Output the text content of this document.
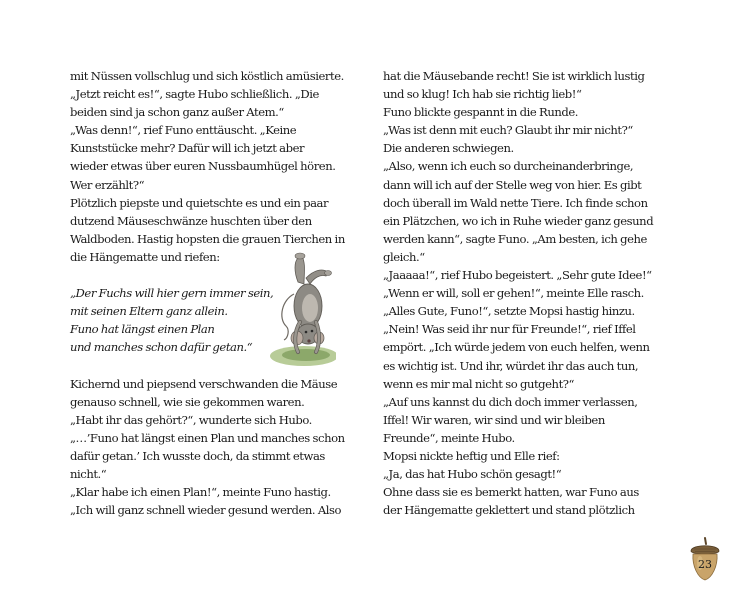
mit Nüssen vollschlug und sich köstlich amüsierte.
„Jetzt reicht es!“, sagte Hubo schließlich. „Die
beiden sind ja schon ganz außer Atem.“
„Was denn!“, rief Funo enttäuscht. „Keine
Kunststücke mehr? Dafür will ich jetzt aber
wieder etwas über euren Nussbaumhügel hören.
Wer erzählt?“
Plötzlich piepste und quietschte es und ein paar
dutzend Mäuseschwänze huschten über den
Waldboden. Hastig hopsten die grauen Tierchen in
die Hängematte und riefen:
„Der Fuchs will hier gern immer sein,
mit seinen Eltern ganz allein.
Funo hat längst einen Plan
und manches schon dafür getan.“
Kichernd und piepsend verschwanden die Mäuse
genauso schnell, wie sie gekommen waren.
„Habt ihr das gehört?“, wunderte sich Hubo.
„…’Funo hat längst einen Plan und manches schon
dafür getan.’ Ich wusste doch, da stimmt etwas
nicht.“
„Klar habe ich einen Plan!“, meinte Funo hastig.
„Ich will ganz schnell wieder gesund werden. Also
hat die Mäusebande recht! Sie ist wirklich lustig
und so klug! Ich hab sie richtig lieb!“
Funo blickte gespannt in die Runde.
„Was ist denn mit euch? Glaubt ihr mir nicht?“
Die anderen schwiegen.
„Also, wenn ich euch so durcheinanderbringe,
dann will ich auf der Stelle weg von hier. Es gibt
doch überall im Wald nette Tiere. Ich finde schon
ein Plätzchen, wo ich in Ruhe wieder ganz gesund
werden kann“, sagte Funo. „Am besten, ich gehe
gleich.“
„Jaaaaa!“, rief Hubo begeistert. „Sehr gute Idee!“
„Wenn er will, soll er gehen!“, meinte Elle rasch.
„Alles Gute, Funo!“, setzte Mopsi hastig hinzu.
„Nein! Was seid ihr nur für Freunde!“, rief Iffel
empört. „Ich würde jedem von euch helfen, wenn
es wichtig ist. Und ihr, würdet ihr das auch tun,
wenn es mir mal nicht so gutgeht?“
„Auf uns kannst du dich doch immer verlassen,
Iffel! Wir waren, wir sind und wir bleiben
Freunde“, meinte Hubo.
Mopsi nickte heftig und Elle rief:
„Ja, das hat Hubo schön gesagt!“
Ohne dass sie es bemerkt hatten, war Funo aus
der Hängematte geklettert und stand plötzlich
23
